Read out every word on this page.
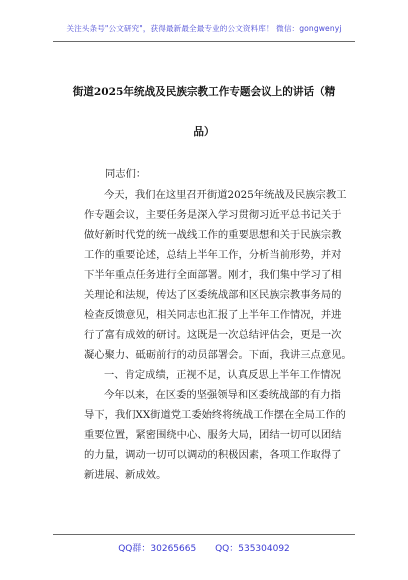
关注头条号"公文研究"，获得最新最全最专业的公文资料库！ 微信：gongwenyj
街道2025年统战及民族宗教工作专题会议上的讲话（精
品）
同志们：
今天，我们在这里召开街道2025年统战及民族宗教工
作专题会议，主要任务是深入学习贯彻习近平总书记关于
做好新时代党的统一战线工作的重要思想和关于民族宗教
工作的重要论述，总结上半年工作，分析当前形势，并对
下半年重点任务进行全面部署。刚才，我们集中学习了相
关理论和法规，传达了区委统战部和区民族宗教事务局的
检查反馈意见，相关同志也汇报了上半年工作情况，并进
行了富有成效的研讨。这既是一次总结评估会，更是一次
凝心聚力、砥砺前行的动员部署会。下面，我讲三点意见。
一、肯定成绩，正视不足，认真反思上半年工作情况
今年以来，在区委的坚强领导和区委统战部的有力指
导下，我们XX街道党工委始终将统战工作摆在全局工作的
重要位置，紧密围绕中心、服务大局，团结一切可以团结
的力量，调动一切可以调动的积极因素，各项工作取得了
新进展、新成效。
QQ群：30265665 QQ：535304092
